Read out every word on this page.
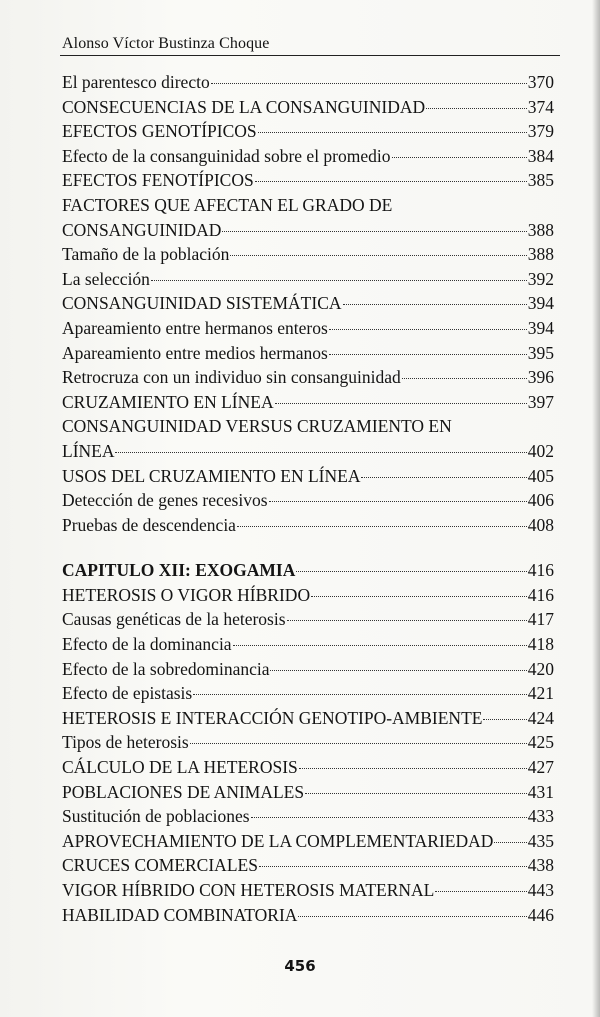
Alonso Víctor Bustinza Choque
El parentesco directo	370
CONSECUENCIAS DE LA CONSANGUINIDAD	374
EFECTOS GENOTÍPICOS	379
Efecto de la consanguinidad sobre el promedio	384
EFECTOS FENOTÍPICOS	385
FACTORES QUE AFECTAN EL GRADO DE
CONSANGUINIDAD	388
Tamaño de la población	388
La selección	392
CONSANGUINIDAD SISTEMÁTICA	394
Apareamiento entre hermanos enteros	394
Apareamiento entre medios hermanos	395
Retrocruza con un individuo sin consanguinidad	396
CRUZAMIENTO EN LÍNEA	397
CONSANGUINIDAD VERSUS CRUZAMIENTO EN
LÍNEA	402
USOS DEL CRUZAMIENTO EN LÍNEA	405
Detección de genes recesivos	406
Pruebas de descendencia	408
CAPITULO XII: EXOGAMIA	416
HETEROSIS O VIGOR HÍBRIDO	416
Causas genéticas de la heterosis	417
Efecto de la dominancia	418
Efecto de la sobredominancia	420
Efecto de epistasis	421
HETEROSIS E INTERACCIÓN GENOTIPO-AMBIENTE	424
Tipos de heterosis	425
CÁLCULO DE LA HETEROSIS	427
POBLACIONES DE ANIMALES	431
Sustitución de poblaciones	433
APROVECHAMIENTO DE LA COMPLEMENTARIEDAD 435
CRUCES COMERCIALES	438
VIGOR HÍBRIDO CON HETEROSIS MATERNAL	443
HABILIDAD COMBINATORIA	446
456
